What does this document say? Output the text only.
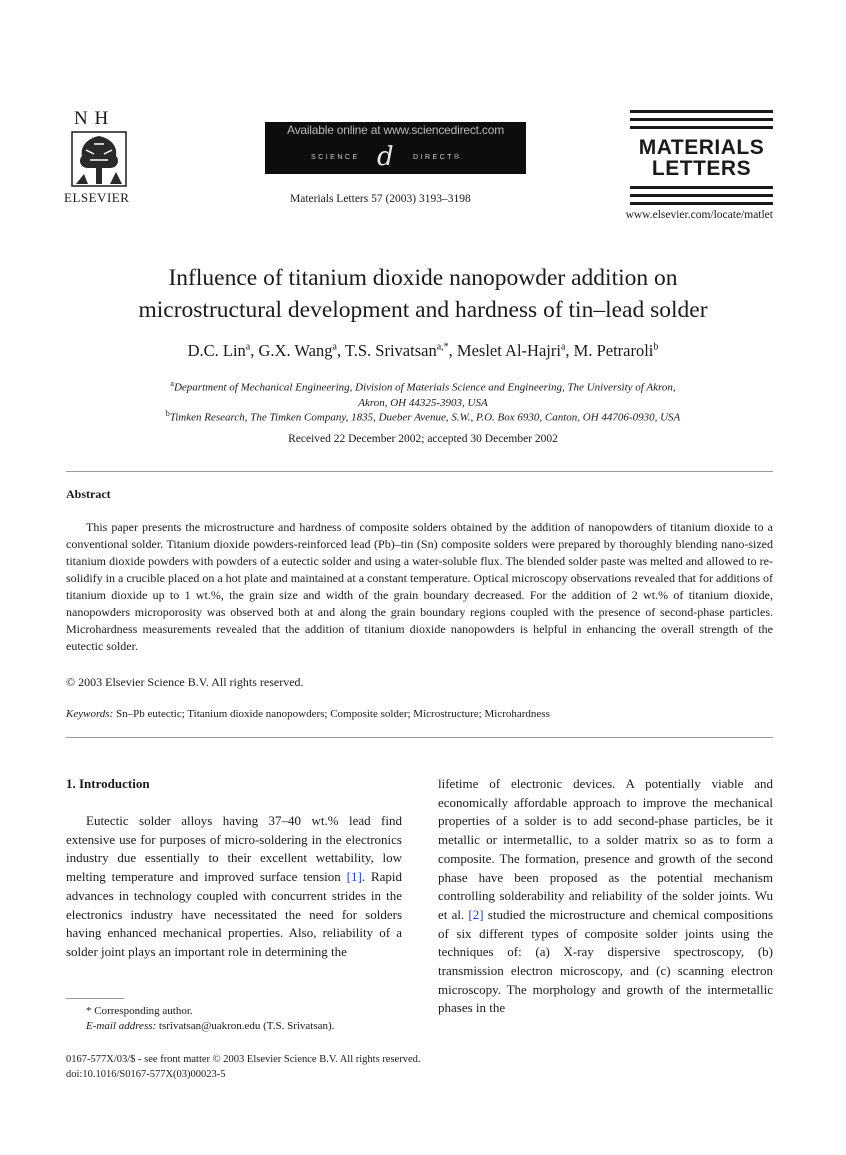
N H
ELSEVIER
Available online at www.sciencedirect.com
SCIENCE d	DIRECT®
Materials Letters 57 (2003) 3193–3198
MATERIALS
LETTERS
www.elsevier.com/locate/matlet
Influence of titanium dioxide nanopowder addition on
microstructural development and hardness of tin–lead solder
D.C. Lin$^a$, G.X. Wang$^a$, T.S. Srivatsan$^{a,*}$, Meslet Al-Hajri$^a$, M. Petraroli$^b$
$^a$Department of Mechanical Engineering, Division of Materials Science and Engineering, The University of Akron,
Akron, OH 44325-3903, USA
$^b$Timken Research, The Timken Company, 1835, Dueber Avenue, S.W., P.O. Box 6930, Canton, OH 44706-0930, USA
Received 22 December 2002; accepted 30 December 2002
Abstract
This paper presents the microstructure and hardness of composite solders obtained by the addition of nanopowders of titanium dioxide to a conventional solder. Titanium dioxide powders-reinforced lead (Pb)–tin (Sn) composite solders were prepared by thoroughly blending nano-sized titanium dioxide powders with powders of a eutectic solder and using a water-soluble flux. The blended solder paste was melted and allowed to re-solidify in a crucible placed on a hot plate and maintained at a constant temperature. Optical microscopy observations revealed that for additions of titanium dioxide up to 1 wt.%, the grain size and width of the grain boundary decreased. For the addition of 2 wt.% of titanium dioxide, nanopowders microporosity was observed both at and along the grain boundary regions coupled with the presence of second-phase particles. Microhardness measurements revealed that the addition of titanium dioxide nanopowders is helpful in enhancing the overall strength of the eutectic solder.
© 2003 Elsevier Science B.V. All rights reserved.
Keywords: Sn–Pb eutectic; Titanium dioxide nanopowders; Composite solder; Microstructure; Microhardness
1. Introduction
Eutectic solder alloys having 37–40 wt.% lead find extensive use for purposes of micro-soldering in the electronics industry due essentially to their excellent wettability, low melting temperature and improved surface tension [1]. Rapid advances in technology coupled with concurrent strides in the electronics industry have necessitated the need for solders having enhanced mechanical properties. Also, reliability of a solder joint plays an important role in determining the
lifetime of electronic devices. A potentially viable and economically affordable approach to improve the mechanical properties of a solder is to add second-phase particles, be it metallic or intermetallic, to a solder matrix so as to form a composite. The formation, presence and growth of the second phase have been proposed as the potential mechanism controlling solderability and reliability of the solder joints. Wu et al. [2] studied the microstructure and chemical compositions of six different types of composite solder joints using the techniques of: (a) X-ray dispersive spectroscopy, (b) transmission electron microscopy, and (c) scanning electron microscopy. The morphology and growth of the intermetallic phases in the
* Corresponding author.
E-mail address: tsrivatsan@uakron.edu (T.S. Srivatsan).
0167-577X/03/$ - see front matter © 2003 Elsevier Science B.V. All rights reserved.
doi:10.1016/S0167-577X(03)00023-5
